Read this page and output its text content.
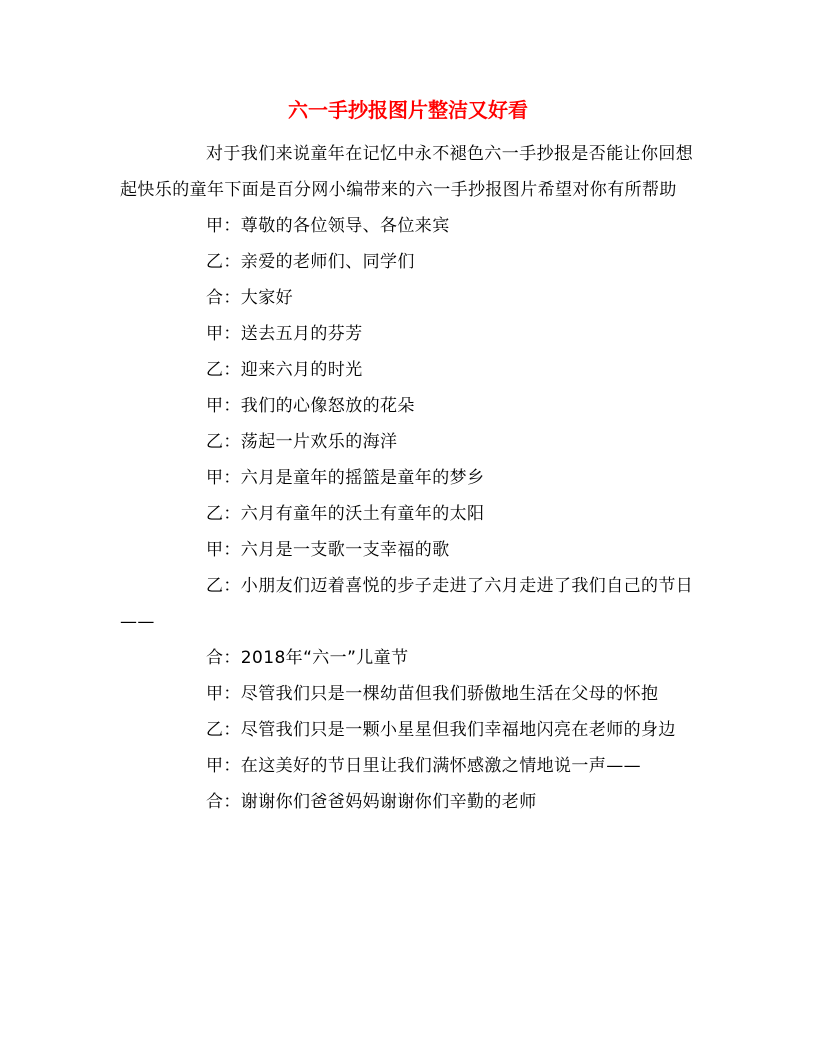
六一手抄报图片整洁又好看

对于我们来说童年在记忆中永不褪色六一手抄报是否能让你回想起快乐的童年下面是百分网小编带来的六一手抄报图片希望对你有所帮助

甲：尊敬的各位领导、各位来宾

乙：亲爱的老师们、同学们

合：大家好

甲：送去五月的芬芳

乙：迎来六月的时光

甲：我们的心像怒放的花朵

乙：荡起一片欢乐的海洋

甲：六月是童年的摇篮是童年的梦乡

乙：六月有童年的沃土有童年的太阳

甲：六月是一支歌一支幸福的歌

乙：小朋友们迈着喜悦的步子走进了六月走进了我们自己的节日——

合：2018年“六一”儿童节

甲：尽管我们只是一棵幼苗但我们骄傲地生活在父母的怀抱

乙：尽管我们只是一颗小星星但我们幸福地闪亮在老师的身边

甲：在这美好的节日里让我们满怀感激之情地说一声——

合：谢谢你们爸爸妈妈谢谢你们辛勤的老师
